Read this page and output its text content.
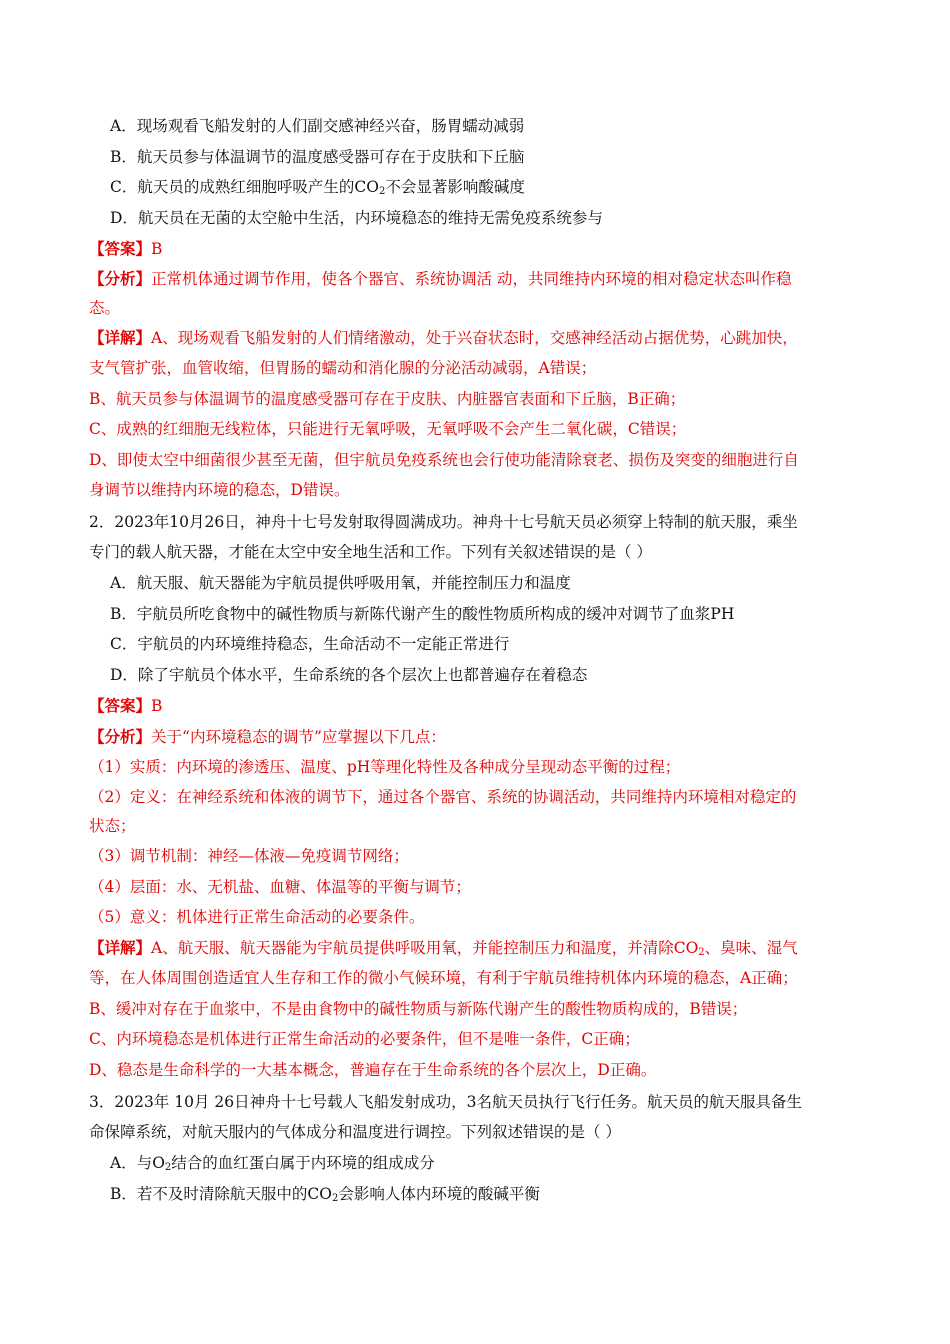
A．现场观看飞船发射的人们副交感神经兴奋，肠胃蠕动减弱
B．航天员参与体温调节的温度感受器可存在于皮肤和下丘脑
C．航天员的成熟红细胞呼吸产生的$CO_2$不会显著影响酸碱度
D．航天员在无菌的太空舱中生活，内环境稳态的维持无需免疫系统参与
【答案】B
【分析】正常机体通过调节作用，使各个器官、系统协调活 动，共同维持内环境的相对稳定状态叫作稳
态。
【详解】A、现场观看飞船发射的人们情绪激动，处于兴奋状态时，交感神经活动占据优势，心跳加快，
支气管扩张，血管收缩，但胃肠的蠕动和消化腺的分泌活动减弱，A错误；
B、航天员参与体温调节的温度感受器可存在于皮肤、内脏器官表面和下丘脑，B正确；
C、成熟的红细胞无线粒体，只能进行无氧呼吸，无氧呼吸不会产生二氧化碳，C错误；
D、即使太空中细菌很少甚至无菌，但宇航员免疫系统也会行使功能清除衰老、损伤及突变的细胞进行自
身调节以维持内环境的稳态，D错误。
2．2023年10月26日，神舟十七号发射取得圆满成功。神舟十七号航天员必须穿上特制的航天服，乘坐
专门的载人航天器，才能在太空中安全地生活和工作。下列有关叙述错误的是（ ）
A．航天服、航天器能为宇航员提供呼吸用氧，并能控制压力和温度
B．宇航员所吃食物中的碱性物质与新陈代谢产生的酸性物质所构成的缓冲对调节了血浆PH
C．宇航员的内环境维持稳态，生命活动不一定能正常进行
D．除了宇航员个体水平，生命系统的各个层次上也都普遍存在着稳态
【答案】B
【分析】关于“内环境稳态的调节”应掌握以下几点：
（1）实质：内环境的渗透压、温度、pH等理化特性及各种成分呈现动态平衡的过程；
（2）定义：在神经系统和体液的调节下，通过各个器官、系统的协调活动，共同维持内环境相对稳定的
状态；
（3）调节机制：神经—体液—免疫调节网络；
（4）层面：水、无机盐、血糖、体温等的平衡与调节；
（5）意义：机体进行正常生命活动的必要条件。
【详解】A、航天服、航天器能为宇航员提供呼吸用氧，并能控制压力和温度，并清除$CO_2$、臭味、湿气
等，在人体周围创造适宜人生存和工作的微小气候环境，有利于宇航员维持机体内环境的稳态，A正确；
B、缓冲对存在于血浆中，不是由食物中的碱性物质与新陈代谢产生的酸性物质构成的，B错误；
C、内环境稳态是机体进行正常生命活动的必要条件，但不是唯一条件，C正确；
D、稳态是生命科学的一大基本概念，普遍存在于生命系统的各个层次上，D正确。
3．2023年 10月 26日神舟十七号载人飞船发射成功，3名航天员执行飞行任务。航天员的航天服具备生
命保障系统，对航天服内的气体成分和温度进行调控。下列叙述错误的是（ ）
A．与$O_2$结合的血红蛋白属于内环境的组成成分
B．若不及时清除航天服中的$CO_2$会影响人体内环境的酸碱平衡
